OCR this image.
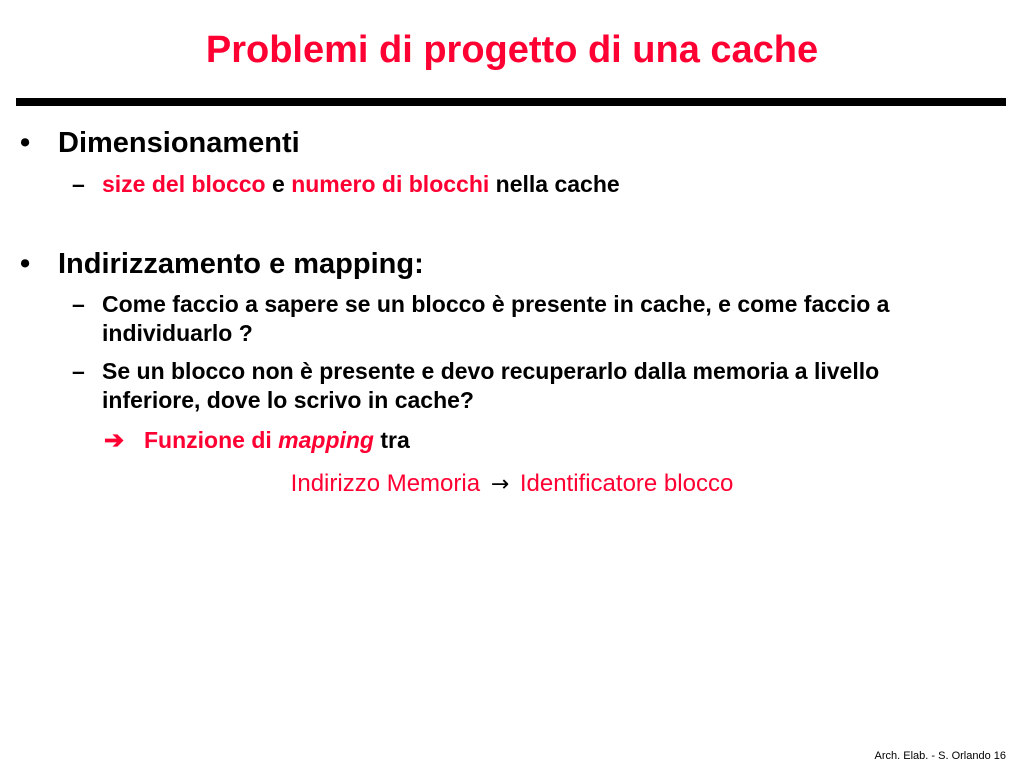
Problemi di progetto di una cache
• Dimensionamenti
– size del blocco e numero di blocchi nella cache
• Indirizzamento e mapping:
– Come faccio a sapere se un blocco è presente in cache, e come faccio a individuarlo ?
– Se un blocco non è presente e devo recuperarlo dalla memoria a livello inferiore, dove lo scrivo in cache?
➔ Funzione di mapping tra
Indirizzo Memoria → Identificatore blocco
Arch. Elab. - S. Orlando 16
